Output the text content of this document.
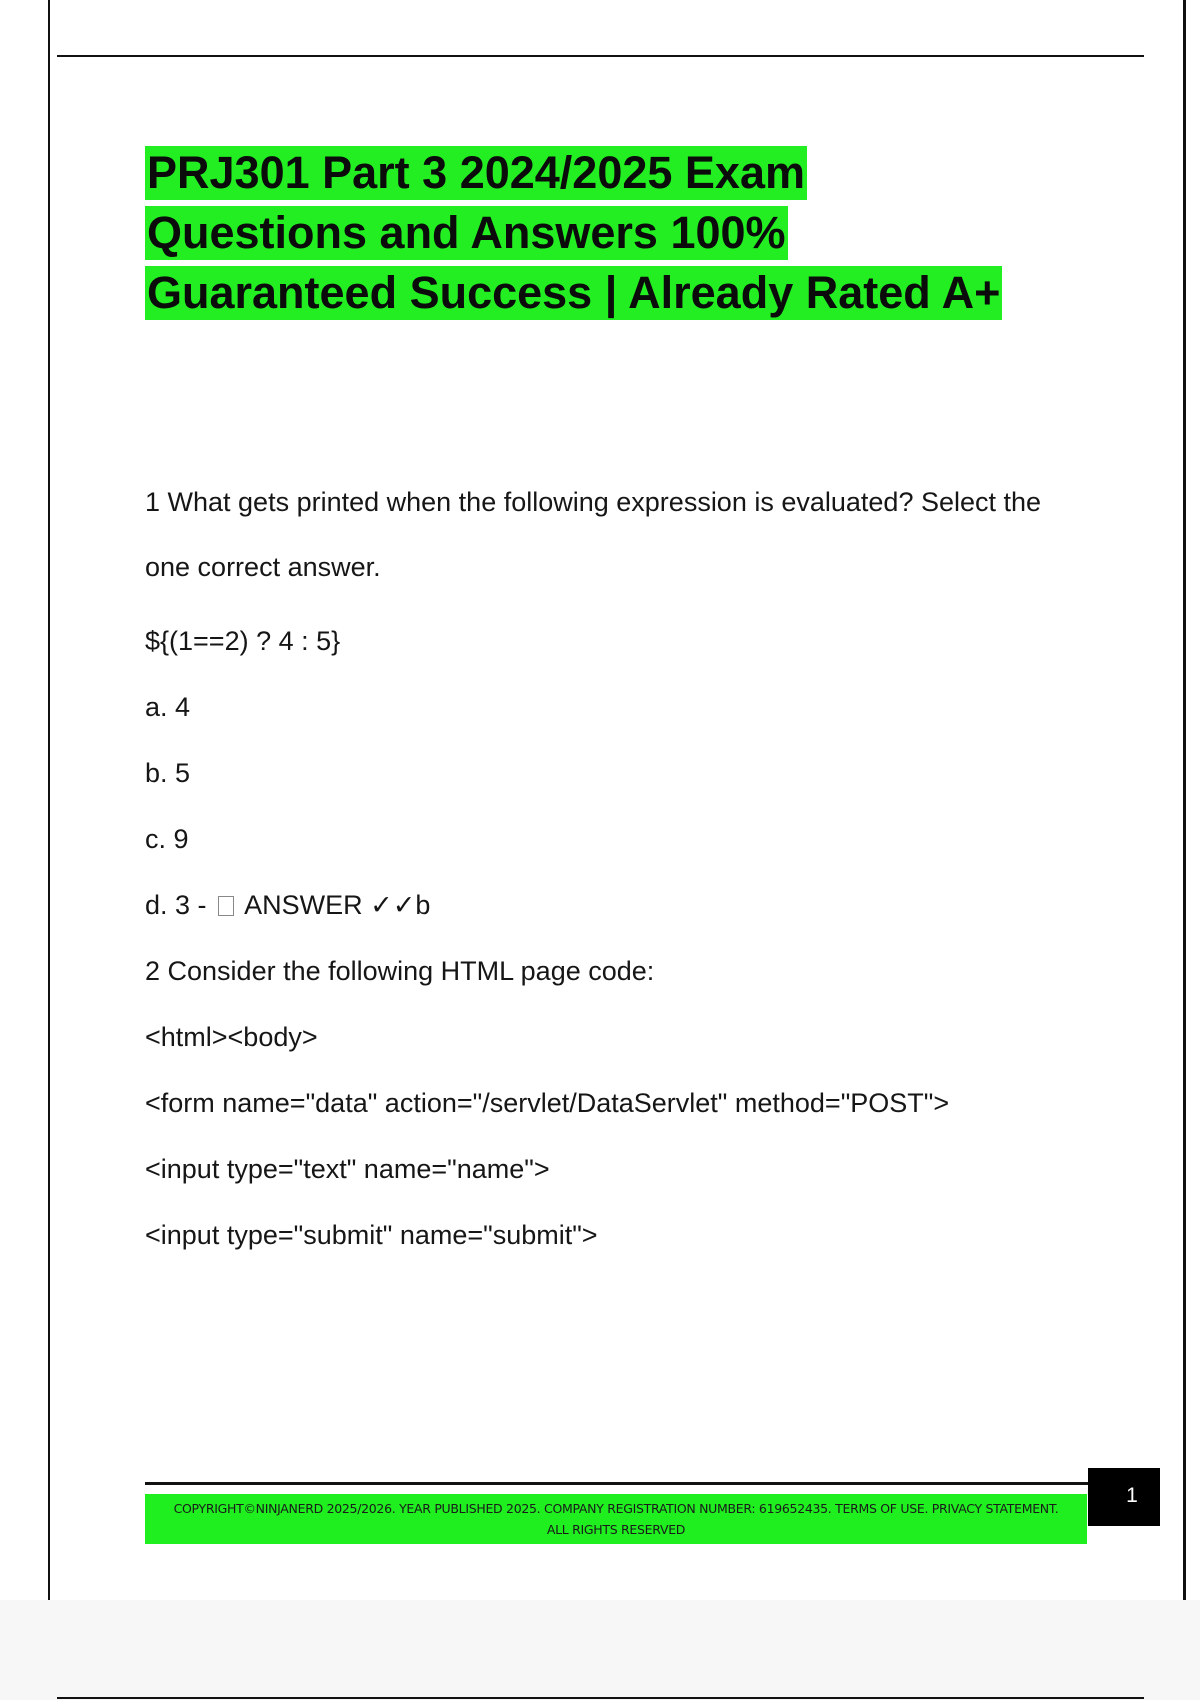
PRJ301 Part 3 2024/2025 Exam
Questions and Answers 100%
Guaranteed Success | Already Rated A+

1 What gets printed when the following expression is evaluated? Select the

one correct answer.

${(1==2) ? 4 : 5}

a. 4

b. 5

c. 9

d. 3 - ANSWER ✓✓b

2 Consider the following HTML page code:

<html><body>

<form name="data" action="/servlet/DataServlet" method="POST">

<input type="text" name="name">

<input type="submit" name="submit">

COPYRIGHT©NINJANERD 2025/2026. YEAR PUBLISHED 2025. COMPANY REGISTRATION NUMBER: 619652435. TERMS OF USE. PRIVACY STATEMENT. ALL RIGHTS RESERVED
1
